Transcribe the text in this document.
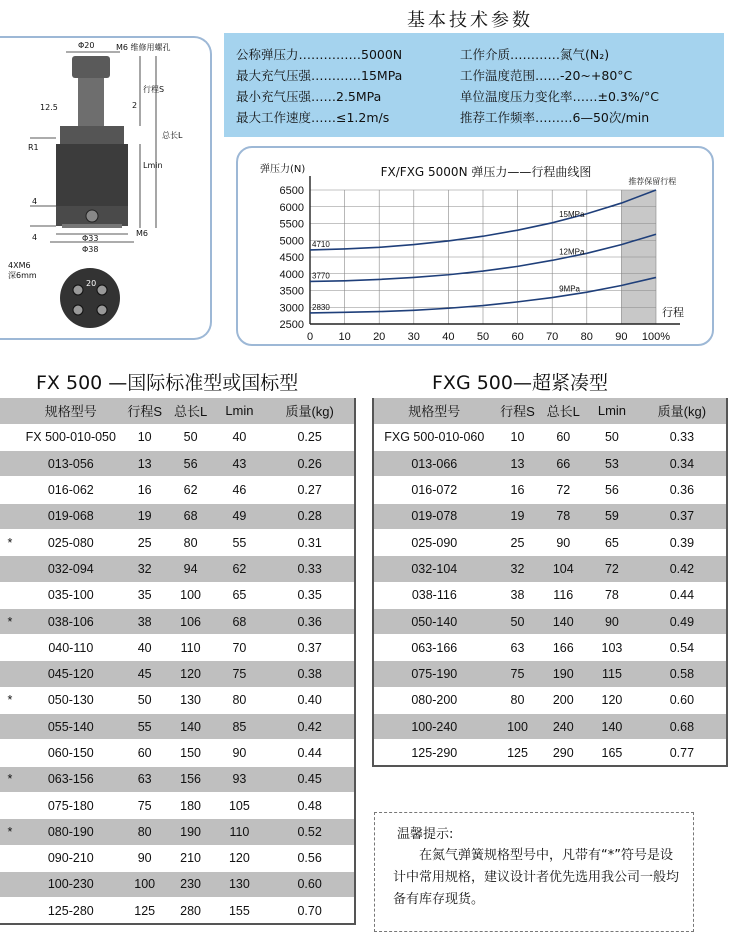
基本技术参数
Φ20	M6 维修用螺孔
行程S
总长L
Lmin
12.5	2
R1
4
4	M6
Φ33
Φ38
4XM6
深6mm
20
公称弹压力……………5000N
最大充气压强…………15MPa
最小充气压强……2.5MPa
最大工作速度……≤1.2m/s
工作介质…………氮气(N₂)
工作温度范围……-20~+80°C
单位温度压力变化率……±0.3%/°C
推荐工作频率………6—50次/min
2500
3000
3500
4000
4500
5000
5500
6000
6500
0 10 20 30 40 50 60 70 80 90 100%
FX/FXG 5000N 弹压力——行程曲线图
弹压力(N)
行程
推荐保留行程
4710
15MPa
3770
12MPa
2830
9MPa
FX 500 —国际标准型或国标型	FXG 500—超紧凑型
	规格型号	行程S	总长L	Lmin	质量(kg)
	FX 500-010-050	10	50	40	0.25
	013-056	13	56	43	0.26
	016-062	16	62	46	0.27
	019-068	19	68	49	0.28
*	025-080	25	80	55	0.31
	032-094	32	94	62	0.33
	035-100	35	100	65	0.35
*	038-106	38	106	68	0.36
	040-110	40	110	70	0.37
	045-120	45	120	75	0.38
*	050-130	50	130	80	0.40
	055-140	55	140	85	0.42
	060-150	60	150	90	0.44
*	063-156	63	156	93	0.45
	075-180	75	180	105	0.48
*	080-190	80	190	110	0.52
	090-210	90	210	120	0.56
	100-230	100	230	130	0.60
	125-280	125	280	155	0.70
规格型号	行程S	总长L	Lmin	质量(kg)
FXG 500-010-060	10	60	50	0.33
013-066	13	66	53	0.34
016-072	16	72	56	0.36
019-078	19	78	59	0.37
025-090	25	90	65	0.39
032-104	32	104	72	0.42
038-116	38	116	78	0.44
050-140	50	140	90	0.49
063-166	63	166	103	0.54
075-190	75	190	115	0.58
080-200	80	200	120	0.60
100-240	100	240	140	0.68
125-290	125	290	165	0.77
温馨提示:
在氮气弹簧规格型号中，凡带有“*”符号是设计中常用规格，建议设计者优先选用我公司一般均备有库存现货。
